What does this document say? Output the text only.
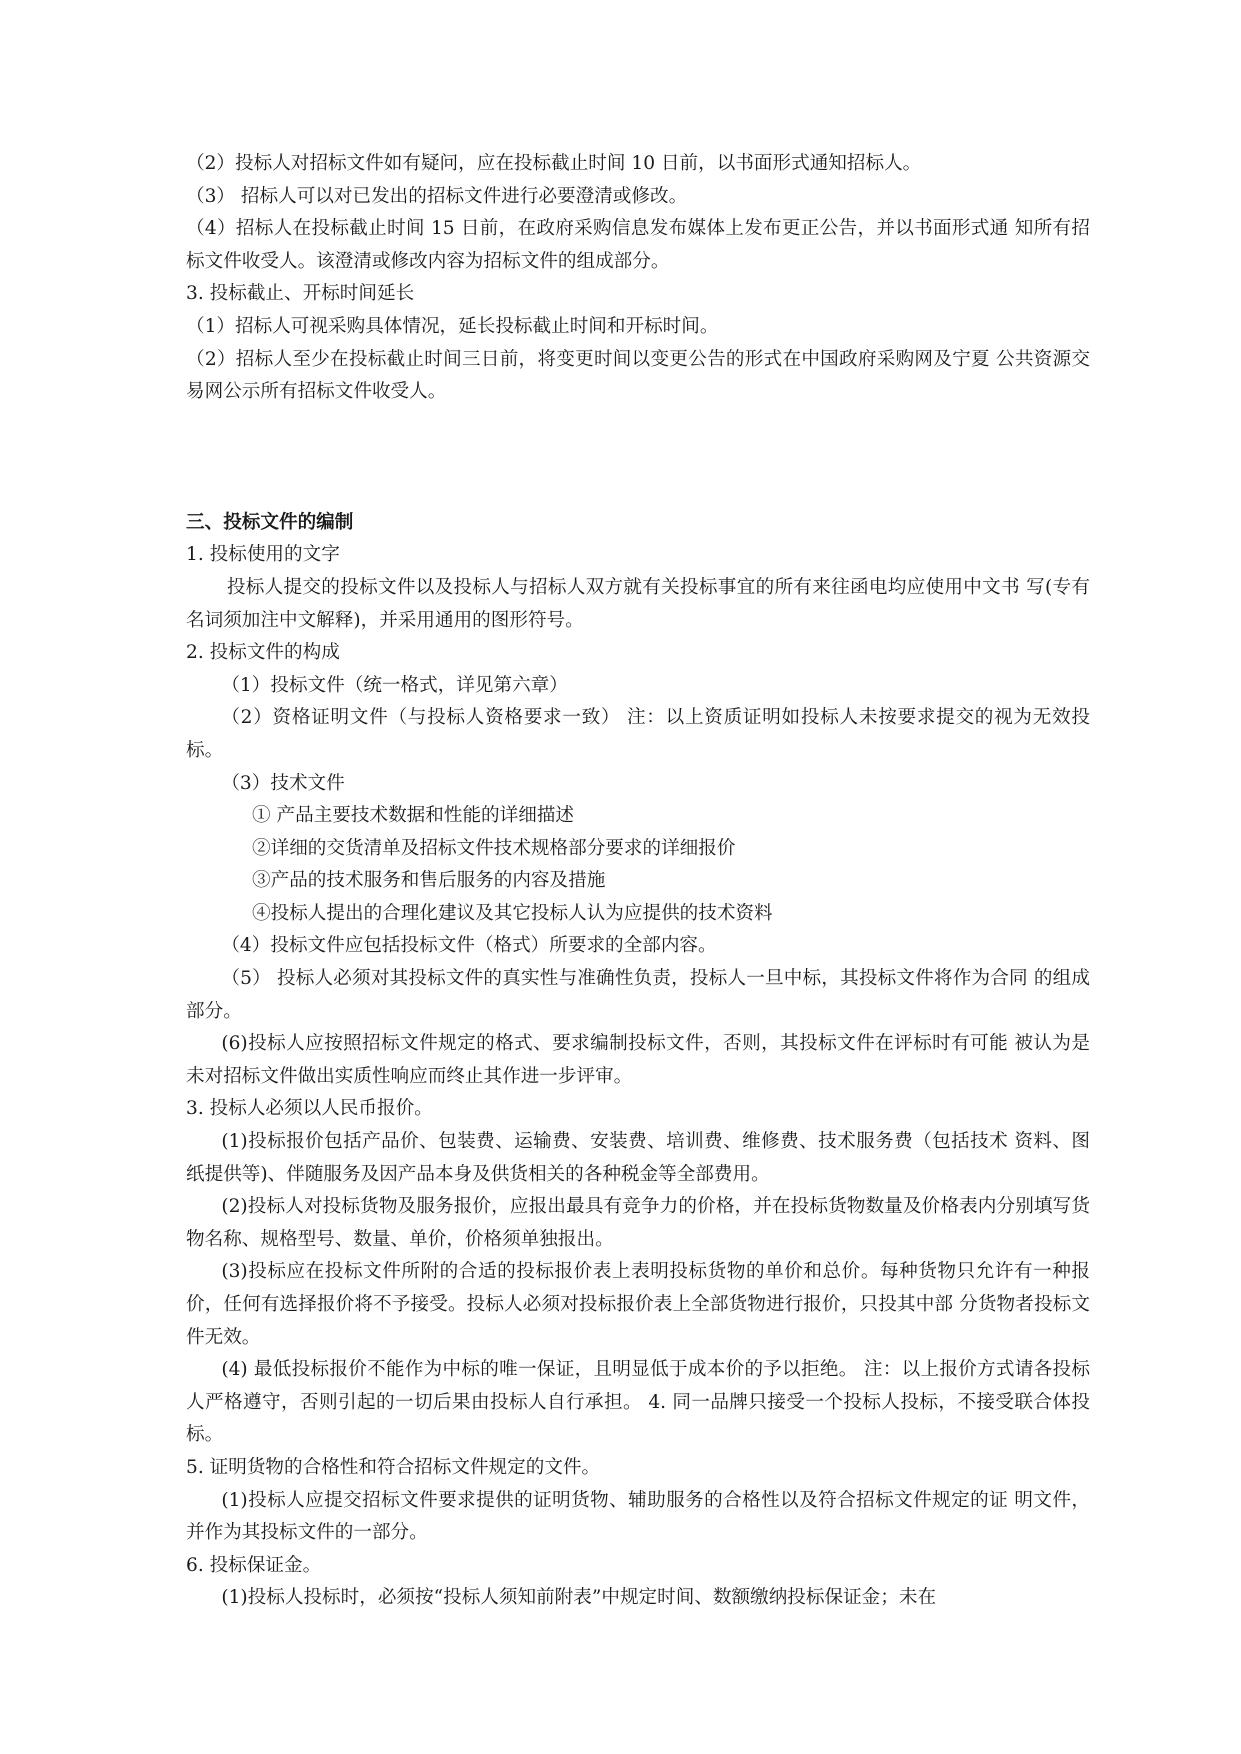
（2）投标人对招标文件如有疑问，应在投标截止时间 10 日前，以书面形式通知招标人。

（3） 招标人可以对已发出的招标文件进行必要澄清或修改。

（4）招标人在投标截止时间 15 日前，在政府采购信息发布媒体上发布更正公告，并以书面形式通 知所有招标文件收受人。该澄清或修改内容为招标文件的组成部分。

3. 投标截止、开标时间延长

（1）招标人可视采购具体情况，延长投标截止时间和开标时间。

（2）招标人至少在投标截止时间三日前，将变更时间以变更公告的形式在中国政府采购网及宁夏 公共资源交易网公示所有招标文件收受人。

三、投标文件的编制

1. 投标使用的文字

投标人提交的投标文件以及投标人与招标人双方就有关投标事宜的所有来往函电均应使用中文书 写(专有名词须加注中文解释)，并采用通用的图形符号。

2. 投标文件的构成

（1）投标文件（统一格式，详见第六章）

（2）资格证明文件（与投标人资格要求一致） 注：以上资质证明如投标人未按要求提交的视为无效投标。

（3）技术文件

① 产品主要技术数据和性能的详细描述

②详细的交货清单及招标文件技术规格部分要求的详细报价

③产品的技术服务和售后服务的内容及措施

④投标人提出的合理化建议及其它投标人认为应提供的技术资料

（4）投标文件应包括投标文件（格式）所要求的全部内容。

（5） 投标人必须对其投标文件的真实性与准确性负责，投标人一旦中标，其投标文件将作为合同 的组成部分。

(6)投标人应按照招标文件规定的格式、要求编制投标文件，否则，其投标文件在评标时有可能 被认为是未对招标文件做出实质性响应而终止其作进一步评审。

3. 投标人必须以人民币报价。

(1)投标报价包括产品价、包装费、运输费、安装费、培训费、维修费、技术服务费（包括技术 资料、图纸提供等)、伴随服务及因产品本身及供货相关的各种税金等全部费用。

(2)投标人对投标货物及服务报价，应报出最具有竞争力的价格，并在投标货物数量及价格表内分别填写货物名称、规格型号、数量、单价，价格须单独报出。

(3)投标应在投标文件所附的合适的投标报价表上表明投标货物的单价和总价。每种货物只允许有一种报价，任何有选择报价将不予接受。投标人必须对投标报价表上全部货物进行报价，只投其中部 分货物者投标文件无效。

(4) 最低投标报价不能作为中标的唯一保证，且明显低于成本价的予以拒绝。 注：以上报价方式请各投标人严格遵守，否则引起的一切后果由投标人自行承担。 4. 同一品牌只接受一个投标人投标，不接受联合体投标。

5. 证明货物的合格性和符合招标文件规定的文件。

(1)投标人应提交招标文件要求提供的证明货物、辅助服务的合格性以及符合招标文件规定的证 明文件，并作为其投标文件的一部分。

6. 投标保证金。

(1)投标人投标时，必须按“投标人须知前附表”中规定时间、数额缴纳投标保证金；未在
